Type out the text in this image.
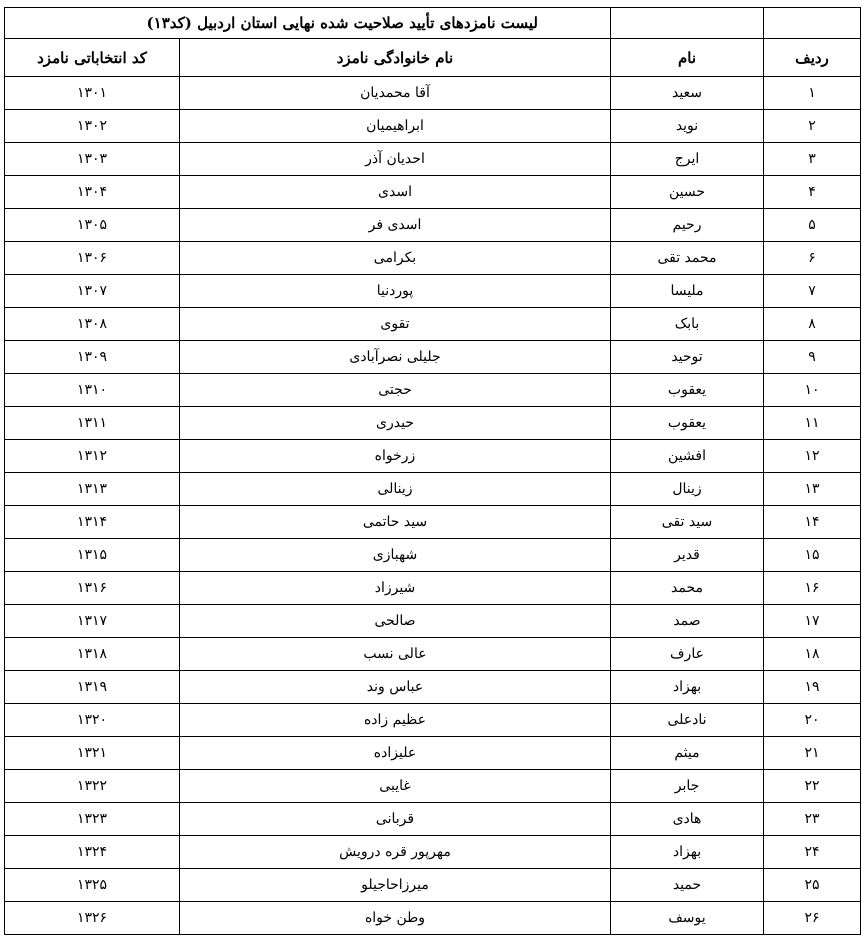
		لیست نامزدهای تأیید صلاحیت شده نهایی استان اردبیل (کد۱۳)	
ردیف	نام	نام خانوادگی نامزد	کد انتخاباتی نامزد
۱	سعید	آقا محمدیان	۱۳۰۱
۲	نوید	ابراهیمیان	۱۳۰۲
۳	ایرج	احدیان آذر	۱۳۰۳
۴	حسین	اسدی	۱۳۰۴
۵	رحیم	اسدی فر	۱۳۰۵
۶	محمد تقی	بکرامی	۱۳۰۶
۷	ملیسا	پوردنیا	۱۳۰۷
۸	بابک	تقوی	۱۳۰۸
۹	توحید	جلیلی نصرآبادی	۱۳۰۹
۱۰	یعقوب	حجتی	۱۳۱۰
۱۱	یعقوب	حیدری	۱۳۱۱
۱۲	افشین	زرخواه	۱۳۱۲
۱۳	زینال	زینالی	۱۳۱۳
۱۴	سید تقی	سید حاتمی	۱۳۱۴
۱۵	قدیر	شهبازی	۱۳۱۵
۱۶	محمد	شیرزاد	۱۳۱۶
۱۷	صمد	صالحی	۱۳۱۷
۱۸	عارف	عالی نسب	۱۳۱۸
۱۹	بهزاد	عباس وند	۱۳۱۹
۲۰	نادعلی	عظیم زاده	۱۳۲۰
۲۱	میثم	علیزاده	۱۳۲۱
۲۲	جابر	غایبی	۱۳۲۲
۲۳	هادی	قربانی	۱۳۲۳
۲۴	بهزاد	مهرپور قره درویش	۱۳۲۴
۲۵	حمید	میرزاحاجیلو	۱۳۲۵
۲۶	یوسف	وطن خواه	۱۳۲۶
